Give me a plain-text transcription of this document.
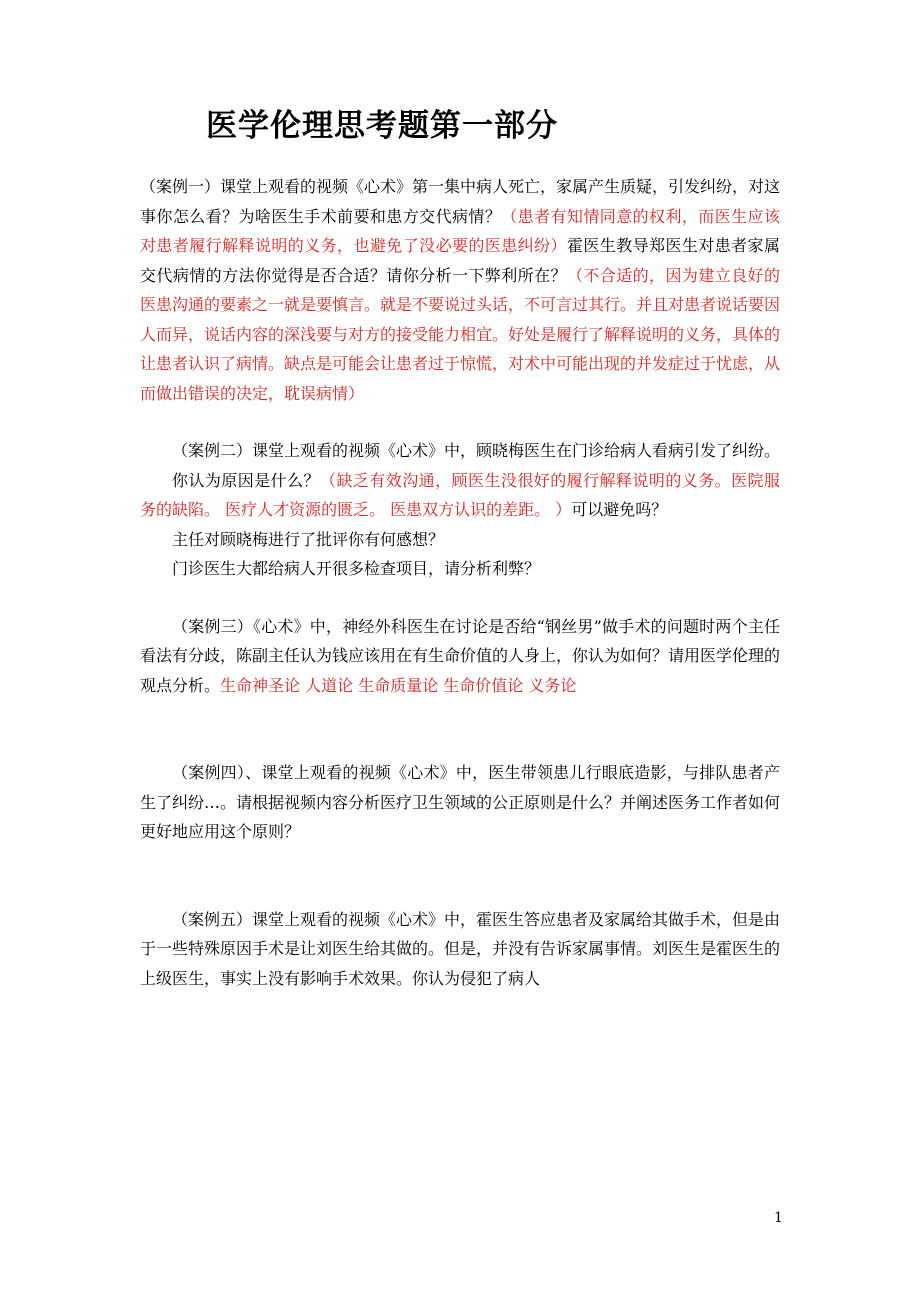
医学伦理思考题第一部分

（案例一）课堂上观看的视频《心术》第一集中病人死亡，家属产生质疑，引发纠纷，对这事你怎么看？为啥医生手术前要和患方交代病情？（患者有知情同意的权利，而医生应该对患者履行解释说明的义务，也避免了没必要的医患纠纷）霍医生教导郑医生对患者家属交代病情的方法你觉得是否合适？请你分析一下弊利所在？（不合适的，因为建立良好的医患沟通的要素之一就是要慎言。就是不要说过头话，不可言过其行。并且对患者说话要因人而异，说话内容的深浅要与对方的接受能力相宜。好处是履行了解释说明的义务，具体的让患者认识了病情。缺点是可能会让患者过于惊慌，对术中可能出现的并发症过于忧虑，从而做出错误的决定，耽误病情）

（案例二）课堂上观看的视频《心术》中，顾晓梅医生在门诊给病人看病引发了纠纷。

你认为原因是什么？（缺乏有效沟通，顾医生没很好的履行解释说明的义务。医院服务的缺陷。 医疗人才资源的匮乏。 医患双方认识的差距。 ）可以避免吗？

主任对顾晓梅进行了批评你有何感想？

门诊医生大都给病人开很多检查项目，请分析利弊？

（案例三）《心术》中，神经外科医生在讨论是否给“钢丝男”做手术的问题时两个主任看法有分歧，陈副主任认为钱应该用在有生命价值的人身上，你认为如何？请用医学伦理的观点分析。生命神圣论 人道论 生命质量论 生命价值论 义务论

（案例四）、课堂上观看的视频《心术》中，医生带领患儿行眼底造影，与排队患者产生了纠纷…。请根据视频内容分析医疗卫生领域的公正原则是什么？并阐述医务工作者如何更好地应用这个原则？

（案例五）课堂上观看的视频《心术》中，霍医生答应患者及家属给其做手术，但是由于一些特殊原因手术是让刘医生给其做的。但是，并没有告诉家属事情。刘医生是霍医生的上级医生，事实上没有影响手术效果。你认为侵犯了病人

1
